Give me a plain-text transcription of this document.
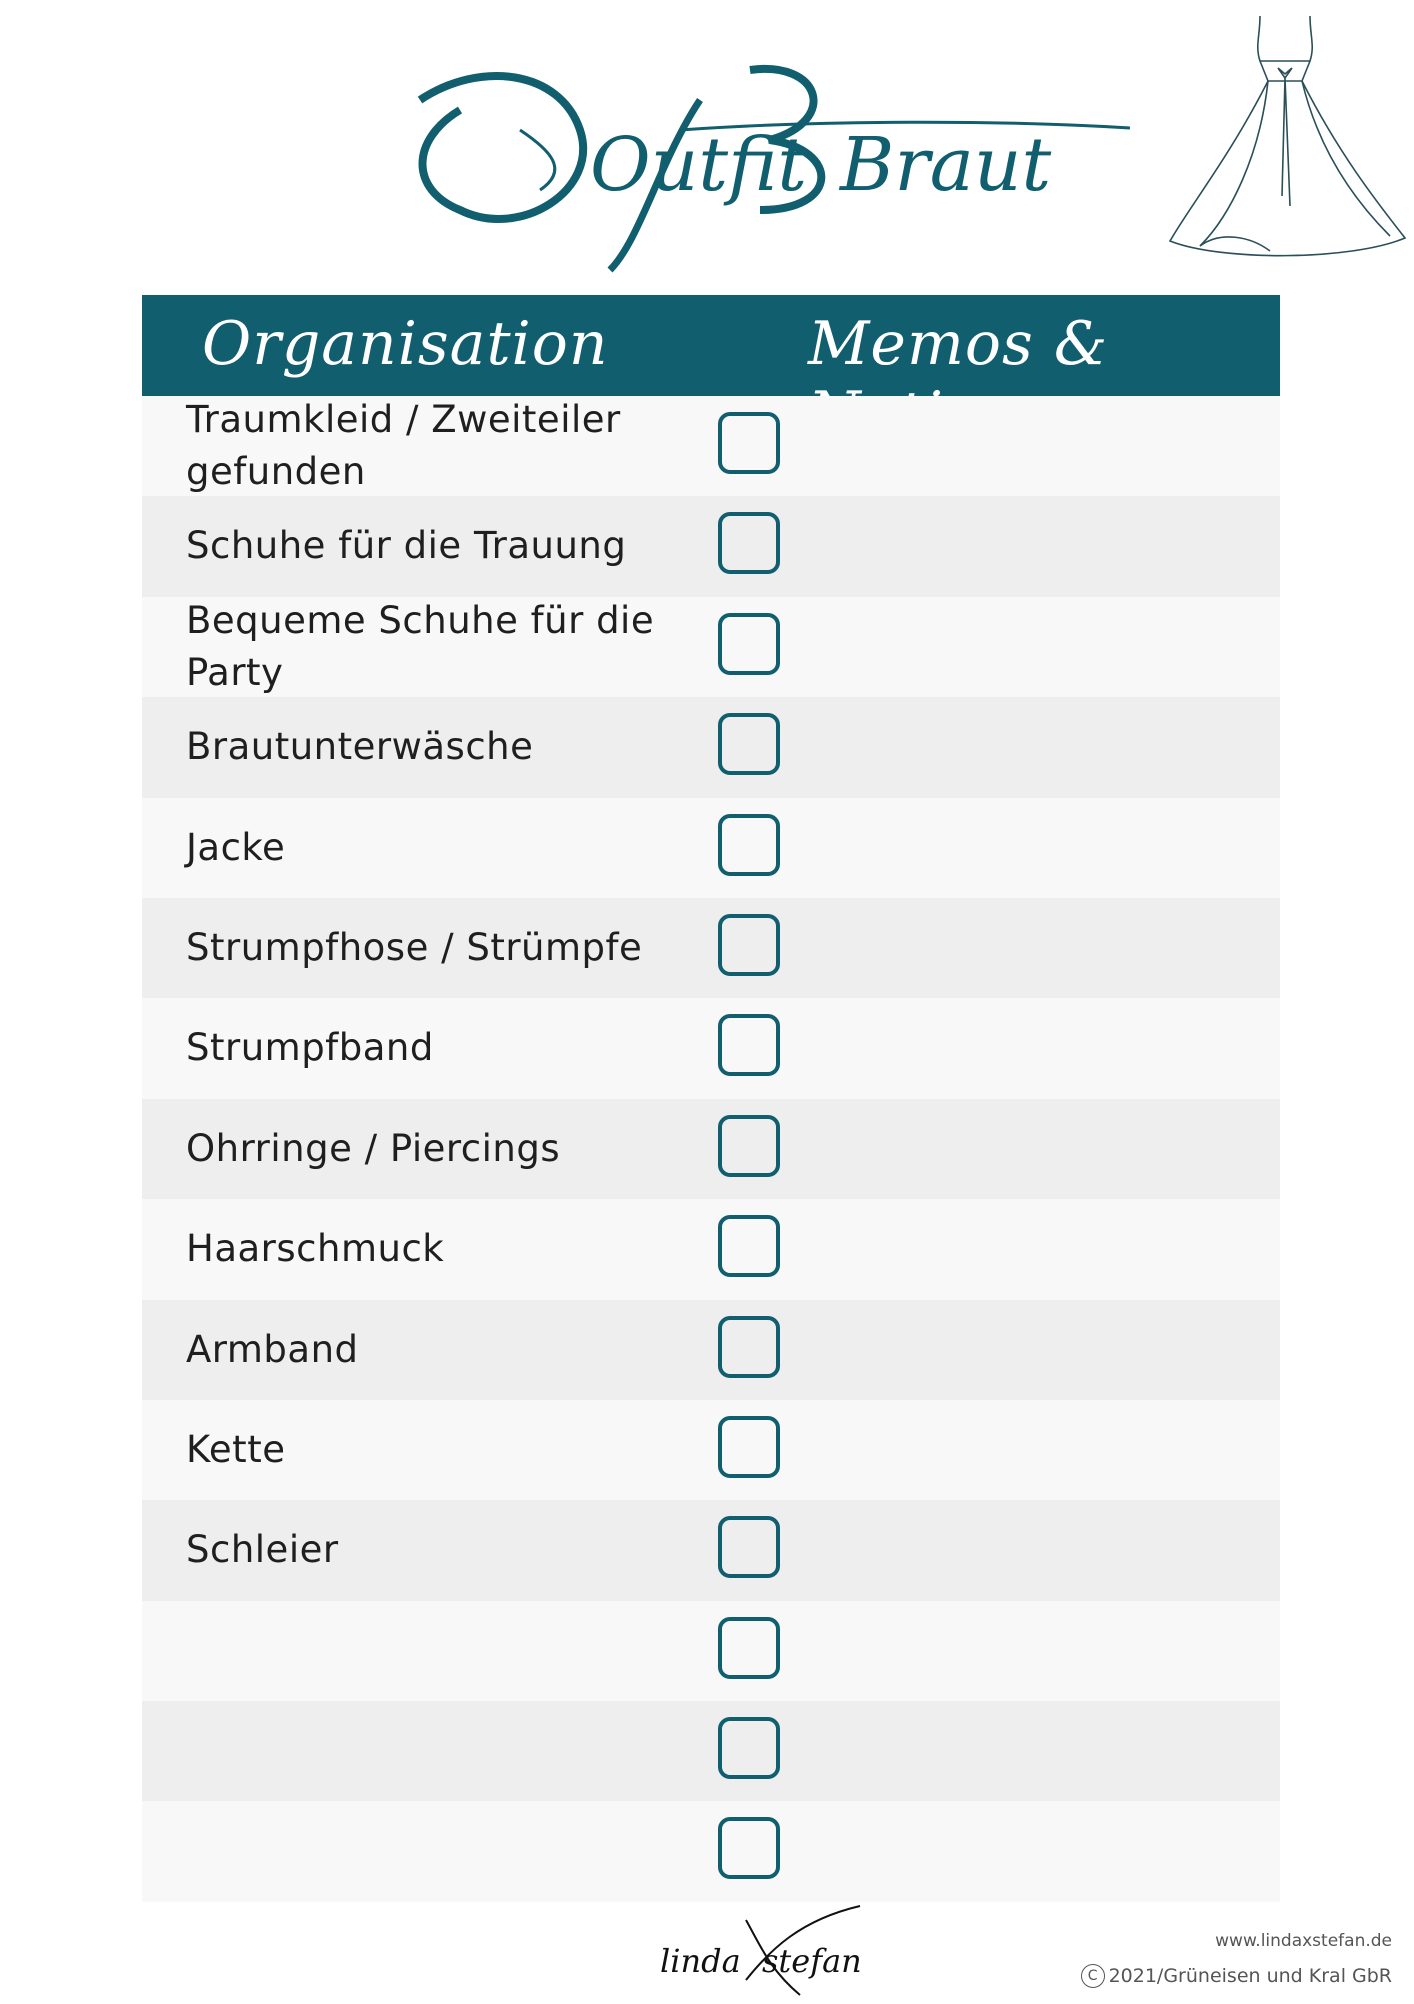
Outfit Braut
Organisation	Memos &
Traumkleid / Zweiteiler gefunden
Schuhe für die Trauung
Bequeme Schuhe für die Party
Brautunterwäsche
Jacke
Strumpfhose / Strümpfe
Strumpfband
Ohrringe / Piercings
Haarschmuck
Armband
Kette
Schleier
linda stefan
www.lindaxstefan.de
C 2021/Grüneisen und Kral GbR
